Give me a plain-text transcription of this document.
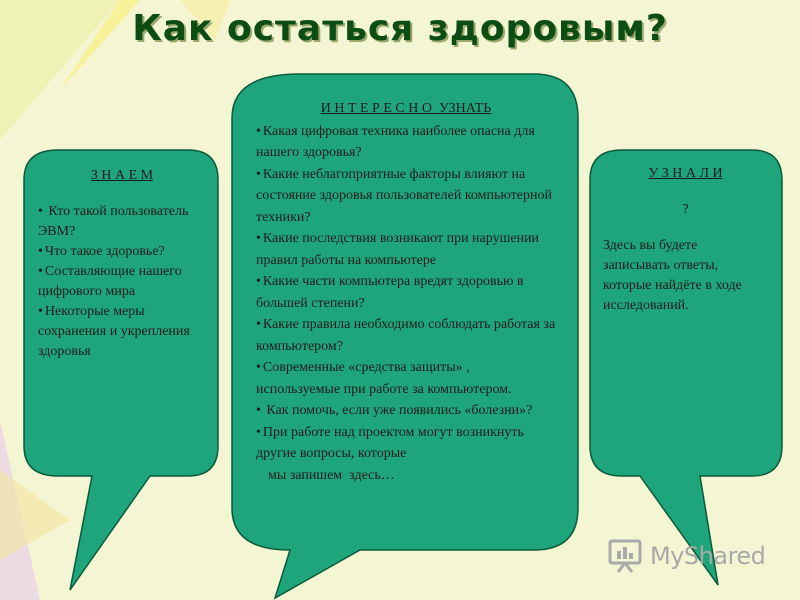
Как остаться здоровым?
З Н А Е М
• Кто такой пользователь ЭВМ?
• Что такое здоровье?
• Составляющие нашего цифрового мира
• Некоторые меры сохранения и укрепления здоровья
И Н Т Е Р Е С Н О  УЗНАТЬ
• Какая цифровая техника наиболее опасна для нашего здоровья?
• Какие неблагоприятные факторы влияют на состояние здоровья пользователей компьютерной техники?
• Какие последствия возникают при нарушении правил работы на компьютере
• Какие части компьютера вредят здоровью в большей степени?
• Какие правила необходимо соблюдать работая за компьютером?
• Современные «средства защиты» , используемые при работе за компьютером.
• Как помочь, если уже появились «болезни»?
• При работе над проектом могут возникнуть другие вопросы, которые
мы запишем  здесь…
У З Н А Л И
?
Здесь вы будете записывать ответы, которые найдёте в ходе исследований.
MyShared
